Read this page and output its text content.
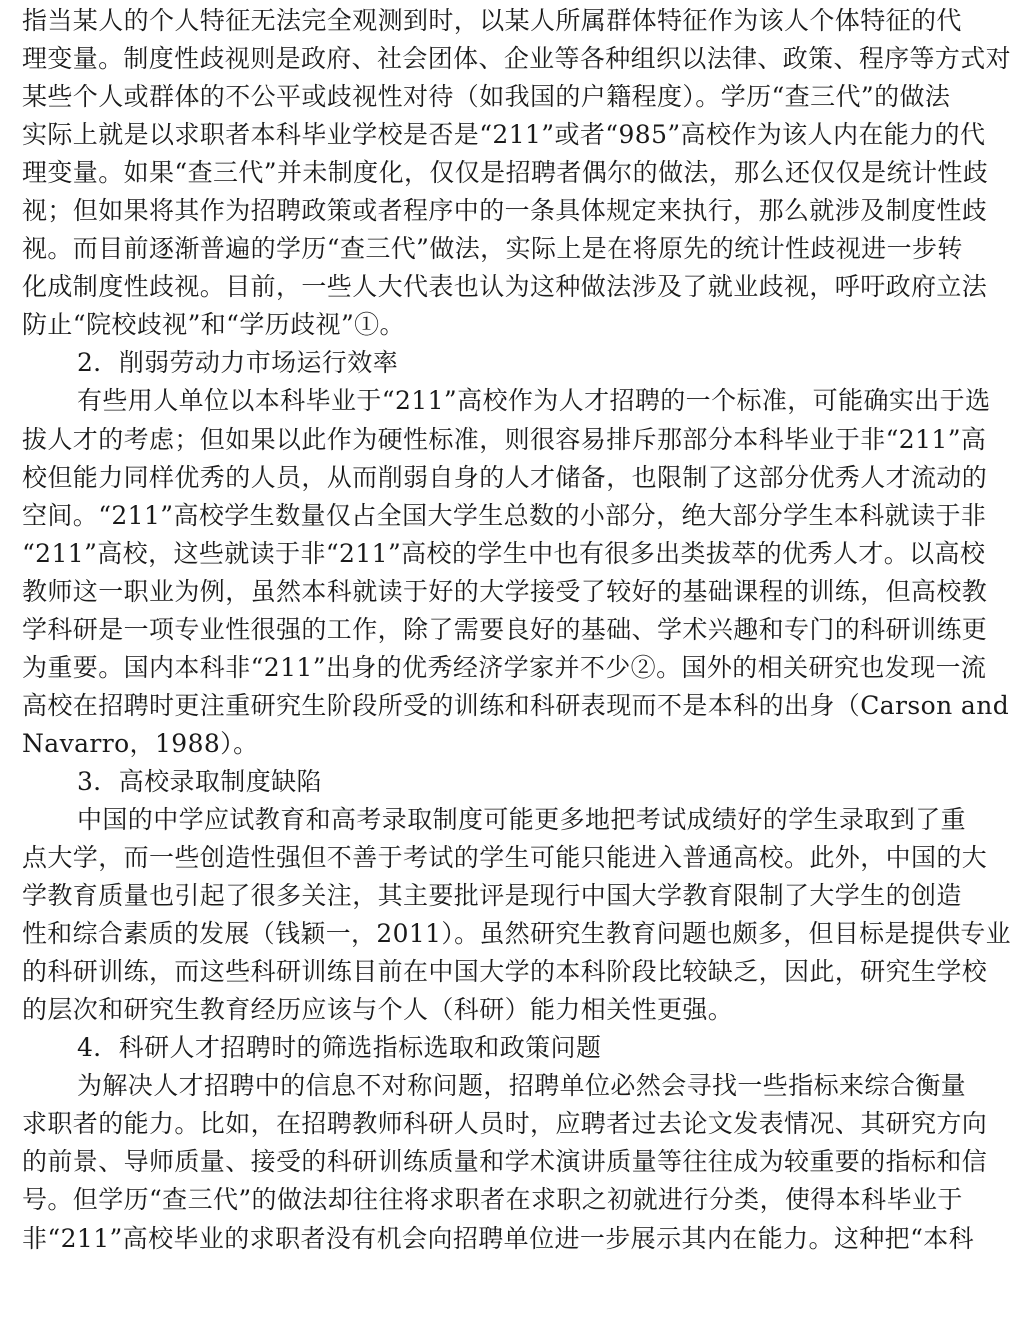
指当某人的个人特征无法完全观测到时，以某人所属群体特征作为该人个体特征的代
理变量。制度性歧视则是政府、社会团体、企业等各种组织以法律、政策、程序等方式对
某些个人或群体的不公平或歧视性对待（如我国的户籍程度）。学历“查三代”的做法
实际上就是以求职者本科毕业学校是否是“211”或者“985”高校作为该人内在能力的代
理变量。如果“查三代”并未制度化，仅仅是招聘者偶尔的做法，那么还仅仅是统计性歧
视；但如果将其作为招聘政策或者程序中的一条具体规定来执行，那么就涉及制度性歧
视。而目前逐渐普遍的学历“查三代”做法，实际上是在将原先的统计性歧视进一步转
化成制度性歧视。目前，一些人大代表也认为这种做法涉及了就业歧视，呼吁政府立法
防止“院校歧视”和“学历歧视”①。
2．削弱劳动力市场运行效率
有些用人单位以本科毕业于“211”高校作为人才招聘的一个标准，可能确实出于选
拔人才的考虑；但如果以此作为硬性标准，则很容易排斥那部分本科毕业于非“211”高
校但能力同样优秀的人员，从而削弱自身的人才储备，也限制了这部分优秀人才流动的
空间。“211”高校学生数量仅占全国大学生总数的小部分，绝大部分学生本科就读于非
“211”高校，这些就读于非“211”高校的学生中也有很多出类拔萃的优秀人才。以高校
教师这一职业为例，虽然本科就读于好的大学接受了较好的基础课程的训练，但高校教
学科研是一项专业性很强的工作，除了需要良好的基础、学术兴趣和专门的科研训练更
为重要。国内本科非“211”出身的优秀经济学家并不少②。国外的相关研究也发现一流
高校在招聘时更注重研究生阶段所受的训练和科研表现而不是本科的出身（Carson and
Navarro，1988）。
3．高校录取制度缺陷
中国的中学应试教育和高考录取制度可能更多地把考试成绩好的学生录取到了重
点大学，而一些创造性强但不善于考试的学生可能只能进入普通高校。此外，中国的大
学教育质量也引起了很多关注，其主要批评是现行中国大学教育限制了大学生的创造
性和综合素质的发展（钱颖一，2011）。虽然研究生教育问题也颇多，但目标是提供专业
的科研训练，而这些科研训练目前在中国大学的本科阶段比较缺乏，因此，研究生学校
的层次和研究生教育经历应该与个人（科研）能力相关性更强。
4．科研人才招聘时的筛选指标选取和政策问题
为解决人才招聘中的信息不对称问题，招聘单位必然会寻找一些指标来综合衡量
求职者的能力。比如，在招聘教师科研人员时，应聘者过去论文发表情况、其研究方向
的前景、导师质量、接受的科研训练质量和学术演讲质量等往往成为较重要的指标和信
号。但学历“查三代”的做法却往往将求职者在求职之初就进行分类，使得本科毕业于
非“211”高校毕业的求职者没有机会向招聘单位进一步展示其内在能力。这种把“本科
